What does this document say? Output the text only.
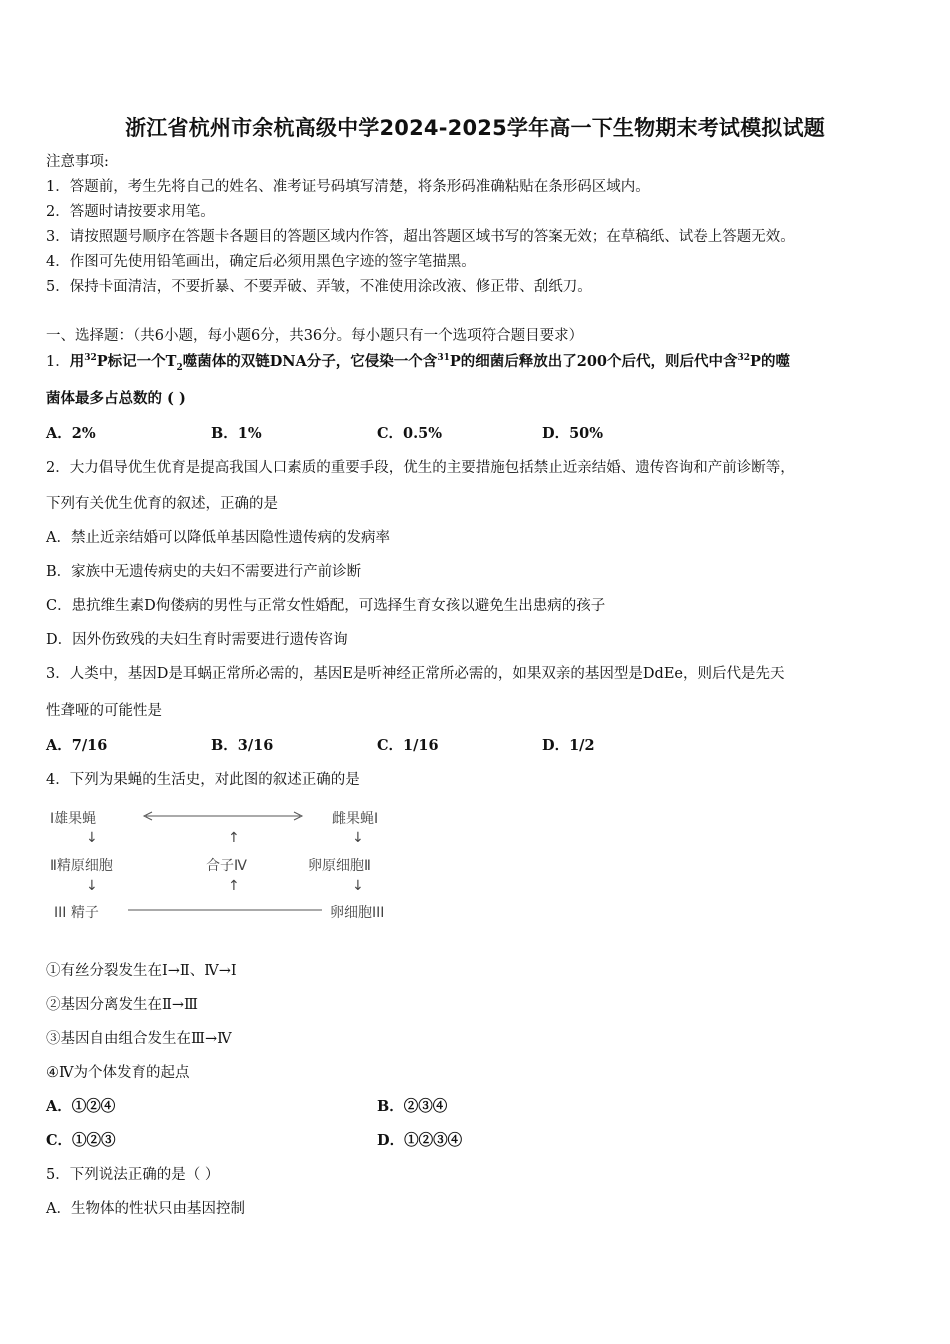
浙江省杭州市余杭高级中学2024-2025学年高一下生物期末考试模拟试题
注意事项:
1．答题前，考生先将自己的姓名、准考证号码填写清楚，将条形码准确粘贴在条形码区域内。
2．答题时请按要求用笔。
3．请按照题号顺序在答题卡各题目的答题区域内作答，超出答题区域书写的答案无效；在草稿纸、试卷上答题无效。
4．作图可先使用铅笔画出，确定后必须用黑色字迹的签字笔描黑。
5．保持卡面清洁，不要折暴、不要弄破、弄皱，不准使用涂改液、修正带、刮纸刀。
一、选择题：（共6小题，每小题6分，共36分。每小题只有一个选项符合题目要求）
1．用$^{32}$P标记一个$T_2$噬菌体的双链DNA分子，它侵染一个含$^{31}$P的细菌后释放出了200个后代，则后代中含$^{32}$P的噬
菌体最多占总数的 ( )
A．2%	B．1%	C．0.5%	D．50%
2．大力倡导优生优育是提高我国人口素质的重要手段，优生的主要措施包括禁止近亲结婚、遗传咨询和产前诊断等，
下列有关优生优育的叙述，正确的是
A．禁止近亲结婚可以降低单基因隐性遗传病的发病率
B．家族中无遗传病史的夫妇不需要进行产前诊断
C．患抗维生素D佝偻病的男性与正常女性婚配，可选择生育女孩以避免生出患病的孩子
D．因外伤致残的夫妇生育时需要进行遗传咨询
3．人类中，基因D是耳蜗正常所必需的，基因E是听神经正常所必需的，如果双亲的基因型是DdEe，则后代是先天
性聋哑的可能性是
A．7/16	B．3/16	C．1/16	D．1/2
4．下列为果蝇的生活史，对此图的叙述正确的是
Ⅰ雄果蝇	雌果蝇Ⅰ
↓	↑	↓
Ⅱ精原细胞	合子Ⅳ	卵原细胞Ⅱ
↓	↑	↓
III 精子	卵细胞III
①有丝分裂发生在Ⅰ→Ⅱ、Ⅳ→Ⅰ
②基因分离发生在Ⅱ→Ⅲ
③基因自由组合发生在Ⅲ→Ⅳ
④Ⅳ为个体发育的起点
A．①②④	B．②③④
C．①②③	D．①②③④
5．下列说法正确的是（ ）
A．生物体的性状只由基因控制
